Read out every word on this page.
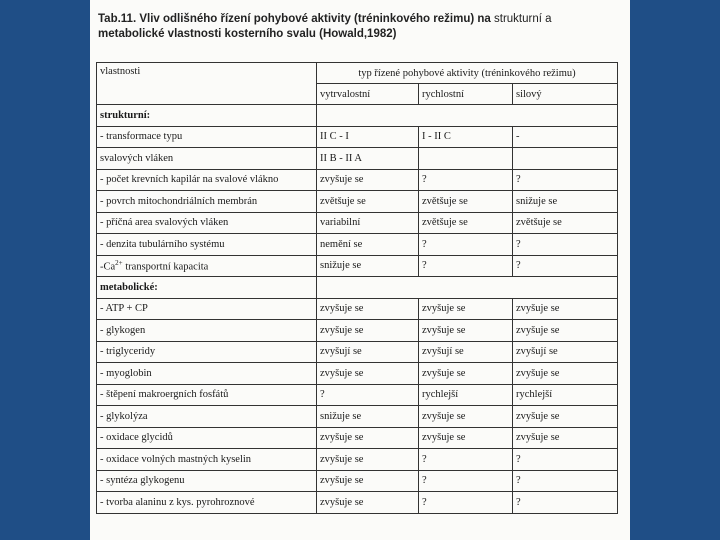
Tab.11. Vliv odlišného řízení pohybové aktivity (tréninkového režimu) na strukturní a
metabolické vlastnosti kosterního svalu (Howald,1982)
vlastnosti	typ řízené pohybové aktivity (tréninkového režimu)		
	vytrvalostní	rychlostní	silový
strukturní:			
- transformace typu	II C - I	I - II C	-
svalových vláken	II B - II A		
- počet krevních kapilár na svalové vlákno	zvyšuje se	?	?
- povrch mitochondriálních membrán	zvětšuje se	zvětšuje se	snižuje se
- příčná area svalových vláken	variabilní	zvětšuje se	zvětšuje se
- denzita tubulárního systému	nemění se	?	?
$-Ca^{2+}$ transportní kapacita	snižuje se	?	?
metabolické:			
- ATP + CP	zvyšuje se	zvyšuje se	zvyšuje se
- glykogen	zvyšuje se	zvyšuje se	zvyšuje se
- triglyceridy	zvyšují se	zvyšují se	zvyšují se
- myoglobin	zvyšuje se	zvyšuje se	zvyšuje se
- štěpení makroergních fosfátů	?	rychlejší	rychlejší
- glykolýza	snižuje se	zvyšuje se	zvyšuje se
- oxidace glycidů	zvyšuje se	zvyšuje se	zvyšuje se
- oxidace volných mastných kyselin	zvyšuje se	?	?
- syntéza glykogenu	zvyšuje se	?	?
- tvorba alaninu z kys. pyrohroznové	zvyšuje se	?	?
